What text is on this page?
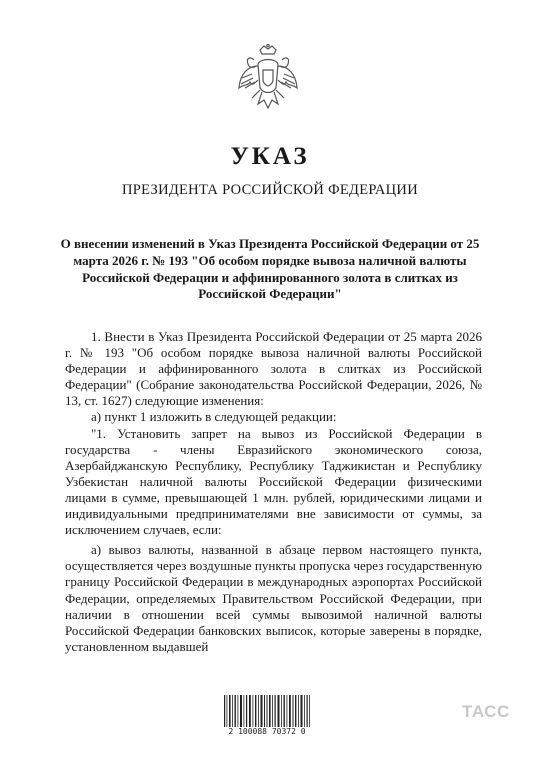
УКАЗ
ПРЕЗИДЕНТА РОССИЙСКОЙ ФЕДЕРАЦИИ
О внесении изменений в Указ Президента Российской Федерации от 25 марта 2026 г. № 193 "Об особом порядке вывоза наличной валюты Российской Федерации и аффинированного золота в слитках из Российской Федерации"

1. Внести в Указ Президента Российской Федерации от 25 марта 2026 г. № 193 "Об особом порядке вывоза наличной валюты Российской Федерации и аффинированного золота в слитках из Российской Федерации" (Собрание законодательства Российской Федерации, 2026, № 13, ст. 1627) следующие изменения:

а) пункт 1 изложить в следующей редакции:

"1. Установить запрет на вывоз из Российской Федерации в государства - члены Евразийского экономического союза, Азербайджанскую Республику, Республику Таджикистан и Республику Узбекистан наличной валюты Российской Федерации физическими лицами в сумме, превышающей 1 млн. рублей, юридическими лицами и индивидуальными предпринимателями вне зависимости от суммы, за исключением случаев, если:

а) вывоз валюты, названной в абзаце первом настоящего пункта, осуществляется через воздушные пункты пропуска через государственную границу Российской Федерации в международных аэропортах Российской Федерации, определяемых Правительством Российской Федерации, при наличии в отношении всей суммы вывозимой наличной валюты Российской Федерации банковских выписок, которые заверены в порядке, установленном выдавшей

2 100088 70372 0
ТАСС
